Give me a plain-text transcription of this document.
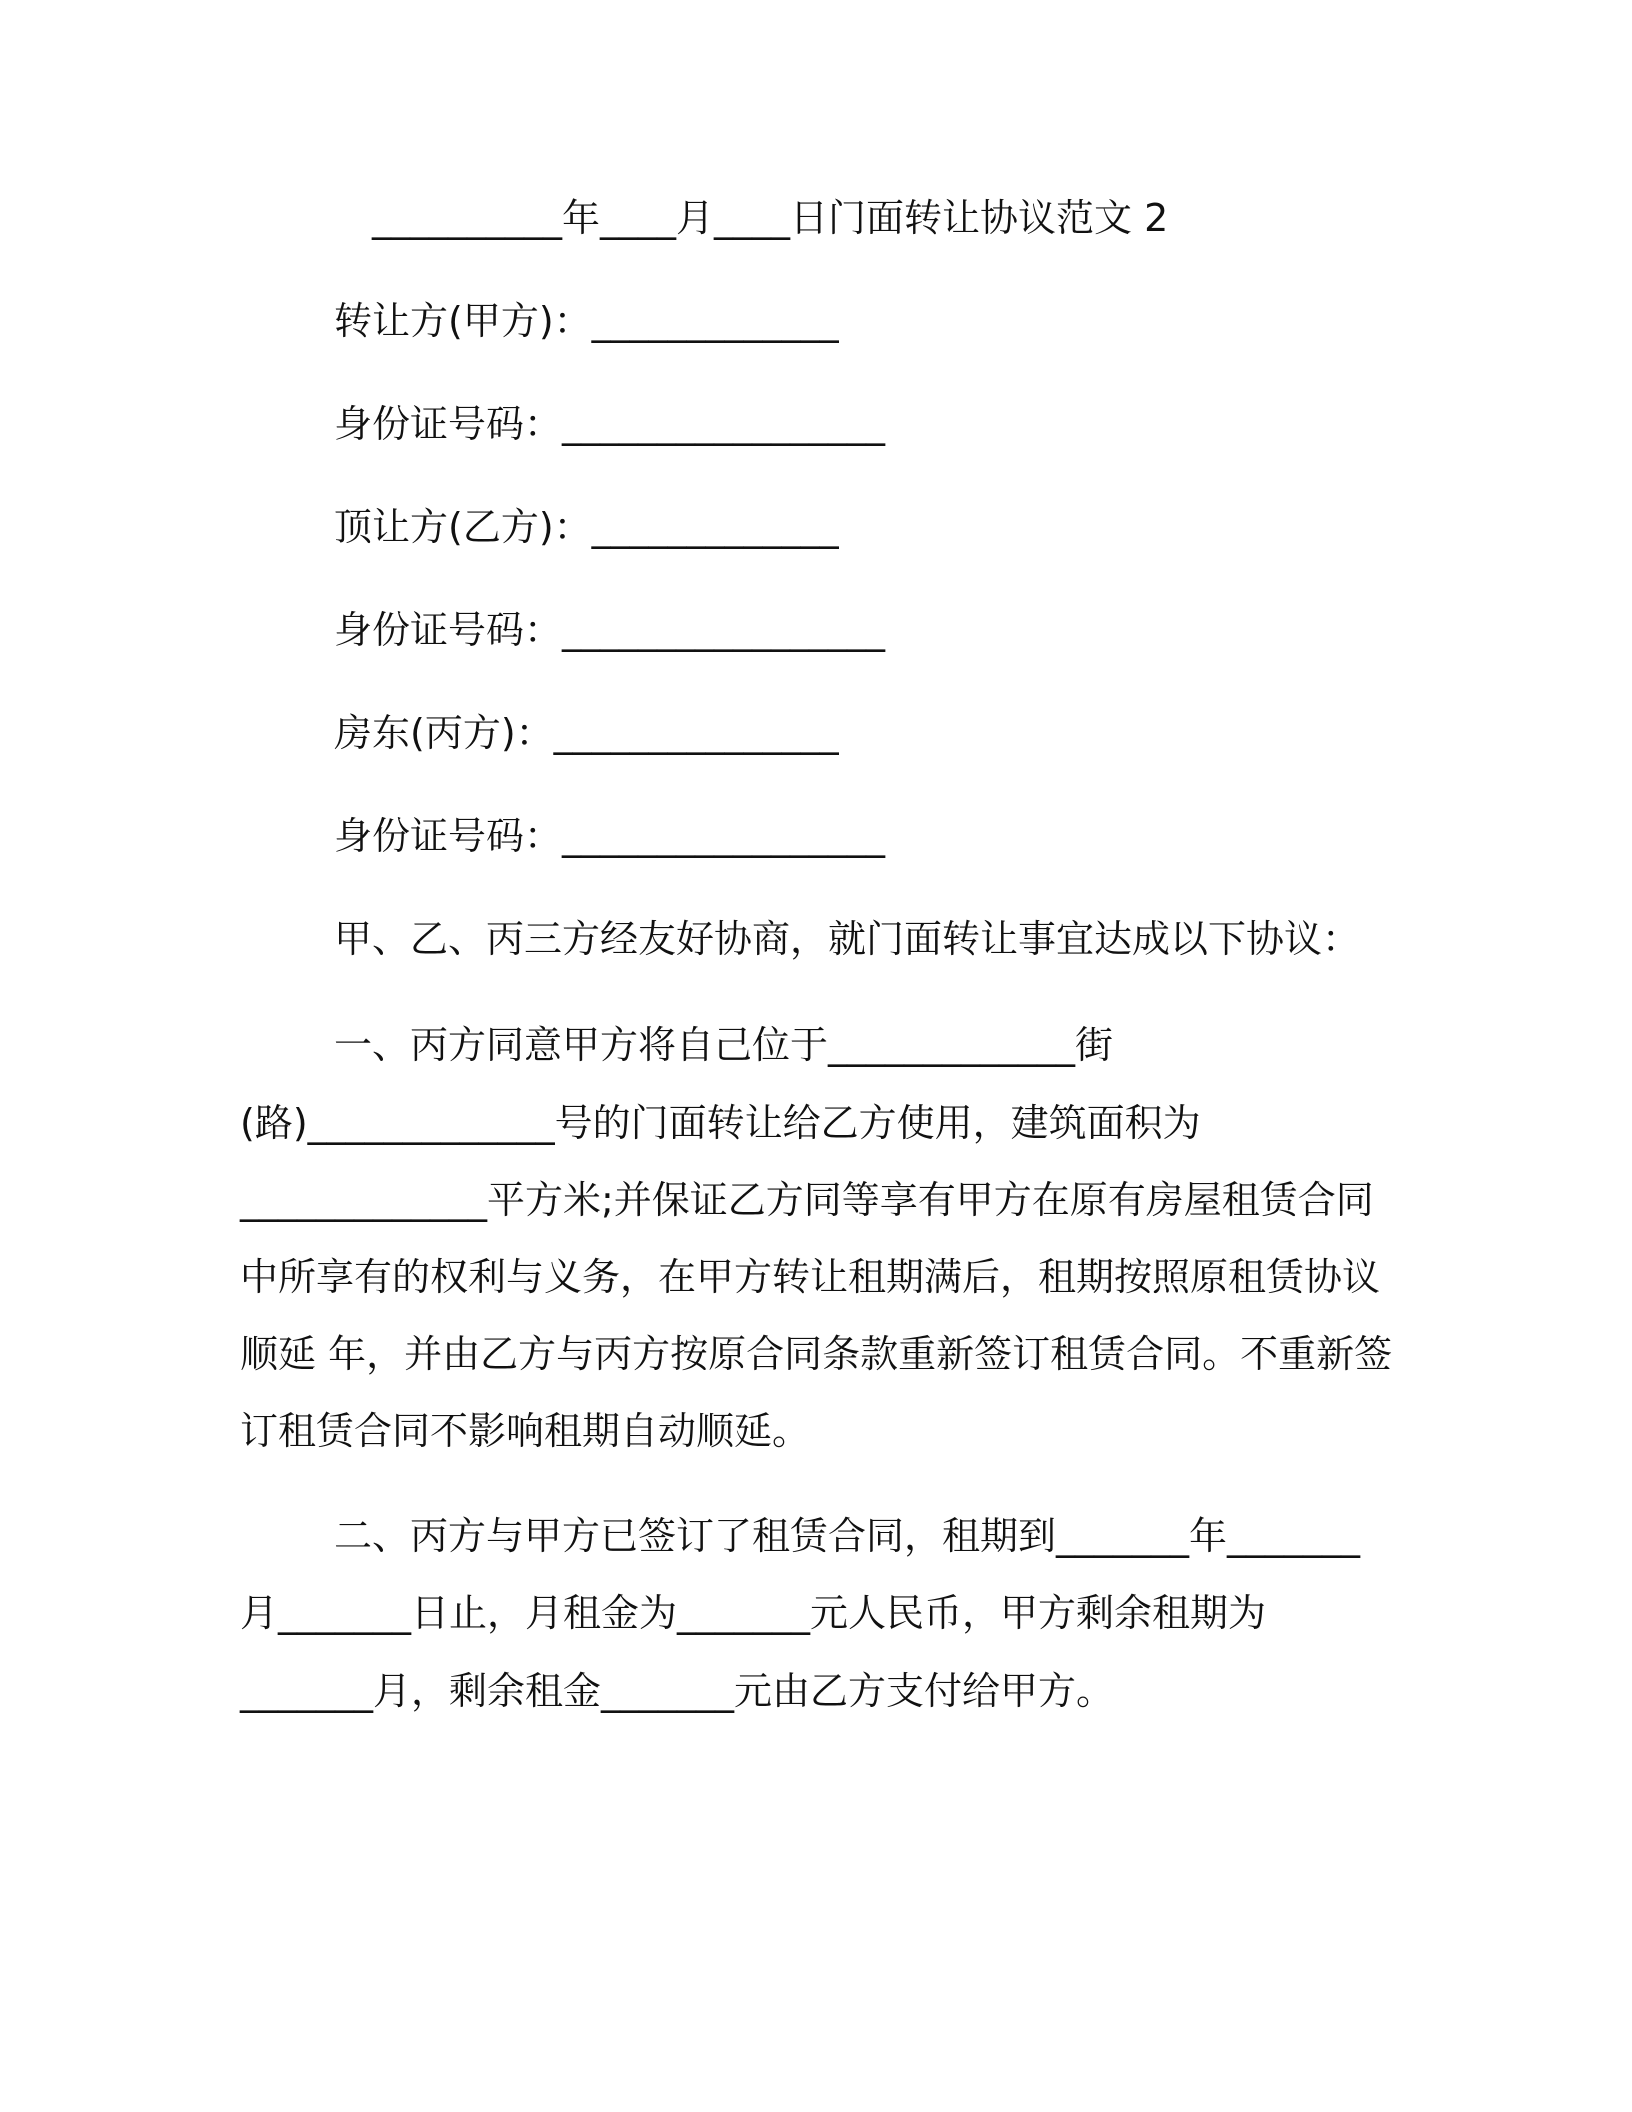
__________年____月____日门面转让协议范文 2
转让方(甲方)：_____________
身份证号码：_________________
顶让方(乙方)：_____________
身份证号码：_________________
房东(丙方)：_______________
身份证号码：_________________
甲、乙、丙三方经友好协商，就门面转让事宜达成以下协议：
一、丙方同意甲方将自己位于_____________街
(路)_____________号的门面转让给乙方使用，建筑面积为
_____________平方米;并保证乙方同等享有甲方在原有房屋租赁合同
中所享有的权利与义务，在甲方转让租期满后，租期按照原租赁协议
顺延 年，并由乙方与丙方按原合同条款重新签订租赁合同。不重新签
订租赁合同不影响租期自动顺延。
二、丙方与甲方已签订了租赁合同，租期到_______年_______
月_______日止，月租金为_______元人民币，甲方剩余租期为
_______月，剩余租金_______元由乙方支付给甲方。
